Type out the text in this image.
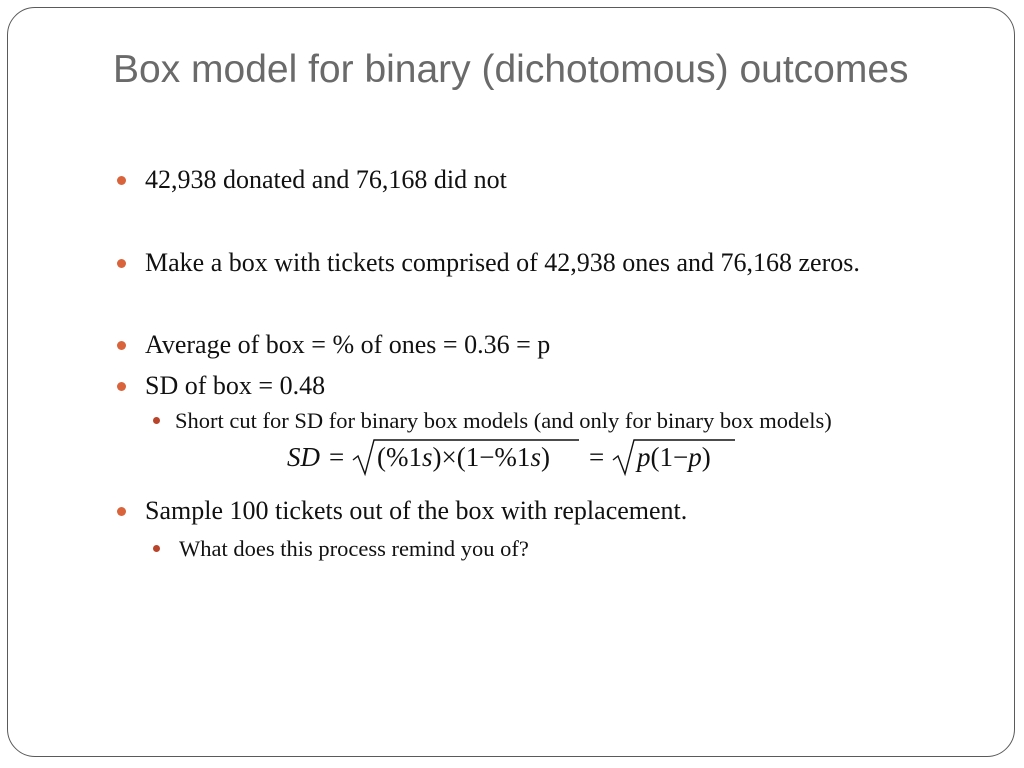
Box model for binary (dichotomous) outcomes
42,938 donated and 76,168 did not
Make a box with tickets comprised of 42,938 ones and 76,168 zeros.
Average of box = % of ones = 0.36 = p
SD of box = 0.48
Short cut for SD for binary box models (and only for binary box models)
SD = (%1s)×(1−%1s) = p(1−p)
Sample 100 tickets out of the box with replacement.
What does this process remind you of?
